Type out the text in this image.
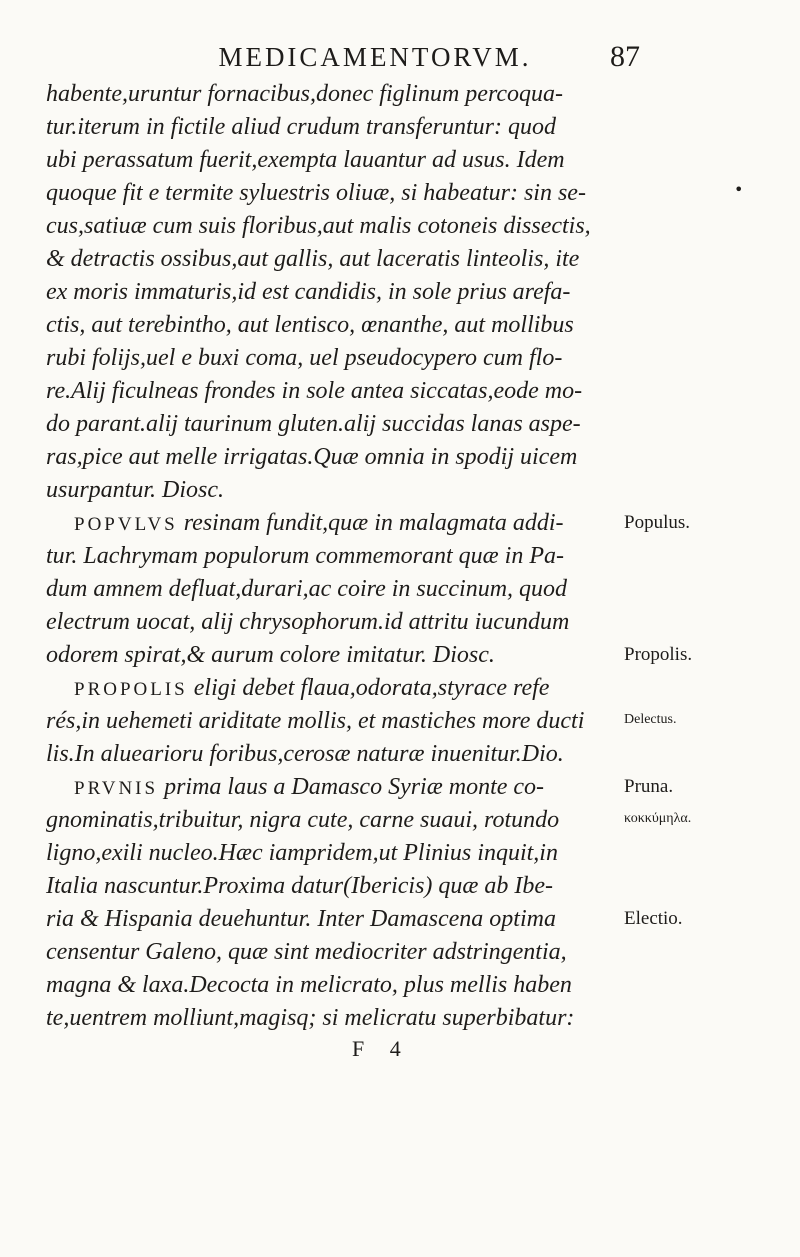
MEDICAMENTORVM.	87
habente,uruntur fornacibus,donec figlinum percoqua-
tur.iterum in fictile aliud crudum transferuntur: quod
ubi perassatum fuerit,exempta lauantur ad usus. Idem
quoque fit e termite syluestris oliuæ, si habeatur: sin se-	•
cus,satiuæ cum suis floribus,aut malis cotoneis dissectis,
& detractis ossibus,aut gallis, aut laceratis linteolis, ite
ex moris immaturis,id est candidis, in sole prius arefa-
ctis, aut terebintho, aut lentisco, œnanthe, aut mollibus
rubi folijs,uel e buxi coma, uel pseudocypero cum flo-
re.Alij ficulneas frondes in sole antea siccatas,eode mo-
do parant.alij taurinum gluten.alij succidas lanas aspe-
ras,pice aut melle irrigatas.Quæ omnia in spodij uicem
usurpantur. Diosc.
POPVLVS resinam fundit,quæ in malagmata addi-	Populus.
tur. Lachrymam populorum commemorant quæ in Pa-
dum amnem defluat,durari,ac coire in succinum, quod
electrum uocat, alij chrysophorum.id attritu iucundum
odorem spirat,& aurum colore imitatur. Diosc.	Propolis.
PROPOLIS eligi debet flaua,odorata,styrace refe
rés,in uehemeti ariditate mollis, et mastiches more ducti	Delectus.
lis.In aluearioru foribus,cerosæ naturæ inuenitur.Dio.
PRVNIS prima laus a Damasco Syriæ monte co-	Pruna.
gnominatis,tribuitur, nigra cute, carne suaui, rotundo	κοκκύμηλα.
ligno,exili nucleo.Hæc iampridem,ut Plinius inquit,in
Italia nascuntur.Proxima datur(Ibericis) quæ ab Ibe-
ria & Hispania deuehuntur. Inter Damascena optima	Electio.
censentur Galeno, quæ sint mediocriter adstringentia,
magna & laxa.Decocta in melicrato, plus mellis haben
te,uentrem molliunt,magisq; si melicratu superbibatur:
F 4
